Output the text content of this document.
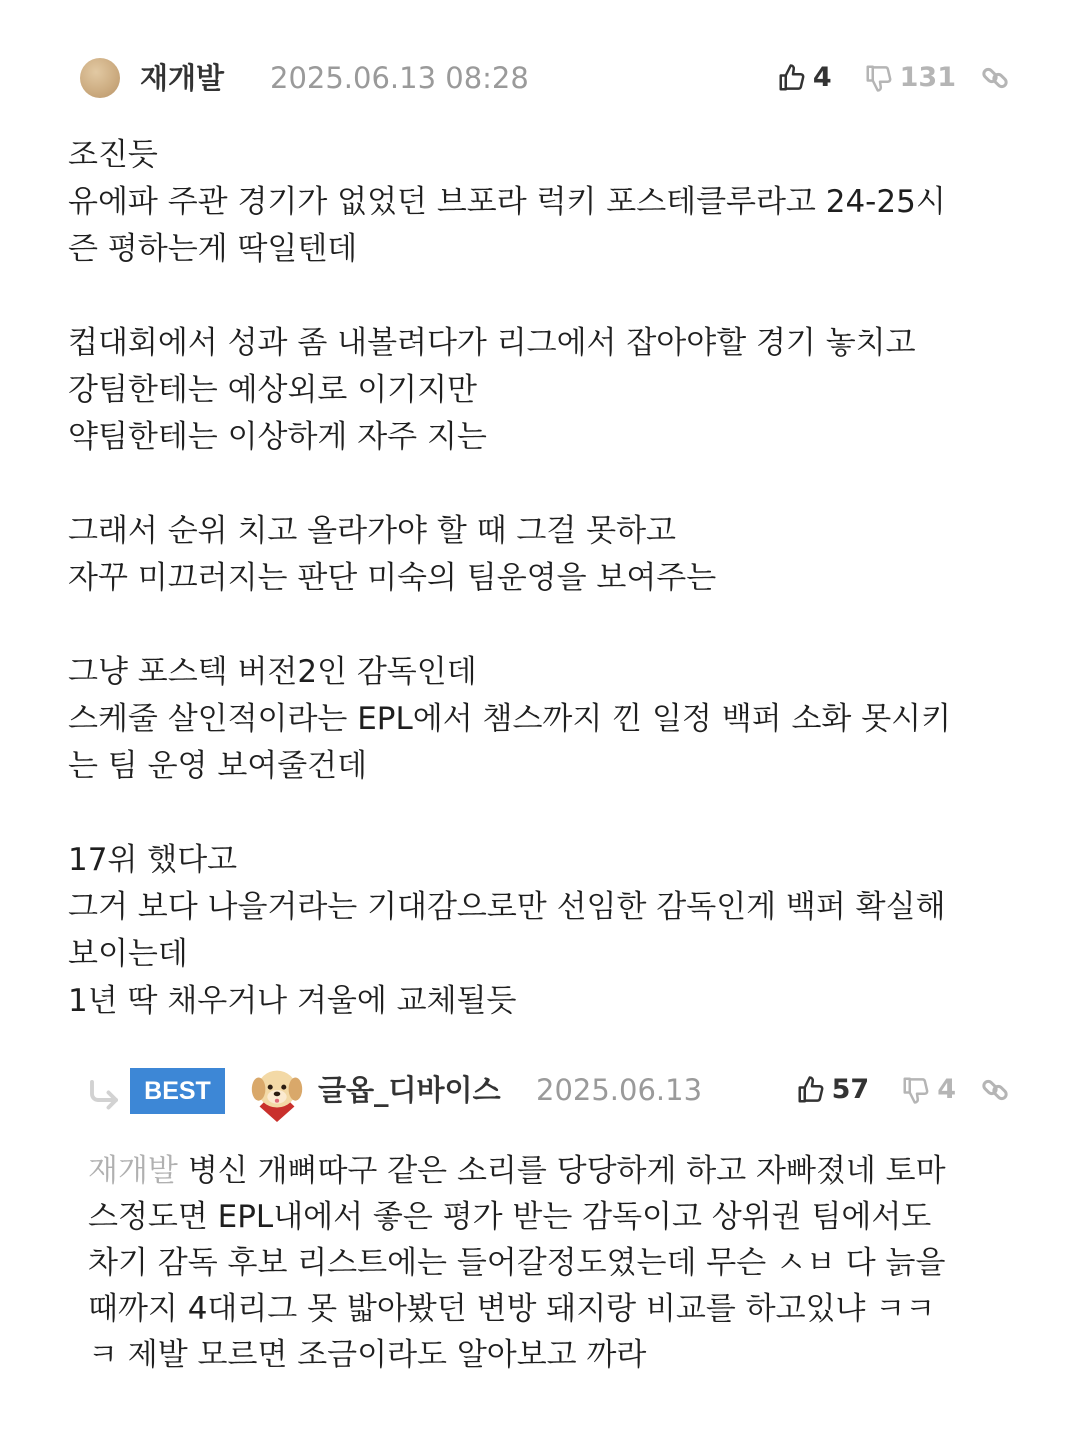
재개발 2025.06.13 08:28	4	131
조진듯
유에파 주관 경기가 없었던 브포라 럭키 포스테클루라고 24-25시
즌 평하는게 딱일텐데
컵대회에서 성과 좀 내볼려다가 리그에서 잡아야할 경기 놓치고
강팀한테는 예상외로 이기지만
약팀한테는 이상하게 자주 지는
그래서 순위 치고 올라가야 할 때 그걸 못하고
자꾸 미끄러지는 판단 미숙의 팀운영을 보여주는
그냥 포스텍 버전2인 감독인데
스케줄 살인적이라는 EPL에서 챔스까지 낀 일정 백퍼 소화 못시키
는 팀 운영 보여줄건데
17위 했다고
그거 보다 나을거라는 기대감으로만 선임한 감독인게 백퍼 확실해
보이는데
1년 딱 채우거나 겨울에 교체될듯
BEST	글옵_디바이스 2025.06.13	57	4
재개발 병신 개뼈따구 같은 소리를 당당하게 하고 자빠졌네 토마
스정도면 EPL내에서 좋은 평가 받는 감독이고 상위권 팀에서도
차기 감독 후보 리스트에는 들어갈정도였는데 무슨 ㅅㅂ 다 늙을
때까지 4대리그 못 밟아봤던 변방 돼지랑 비교를 하고있냐 ㅋㅋ
ㅋ 제발 모르면 조금이라도 알아보고 까라
